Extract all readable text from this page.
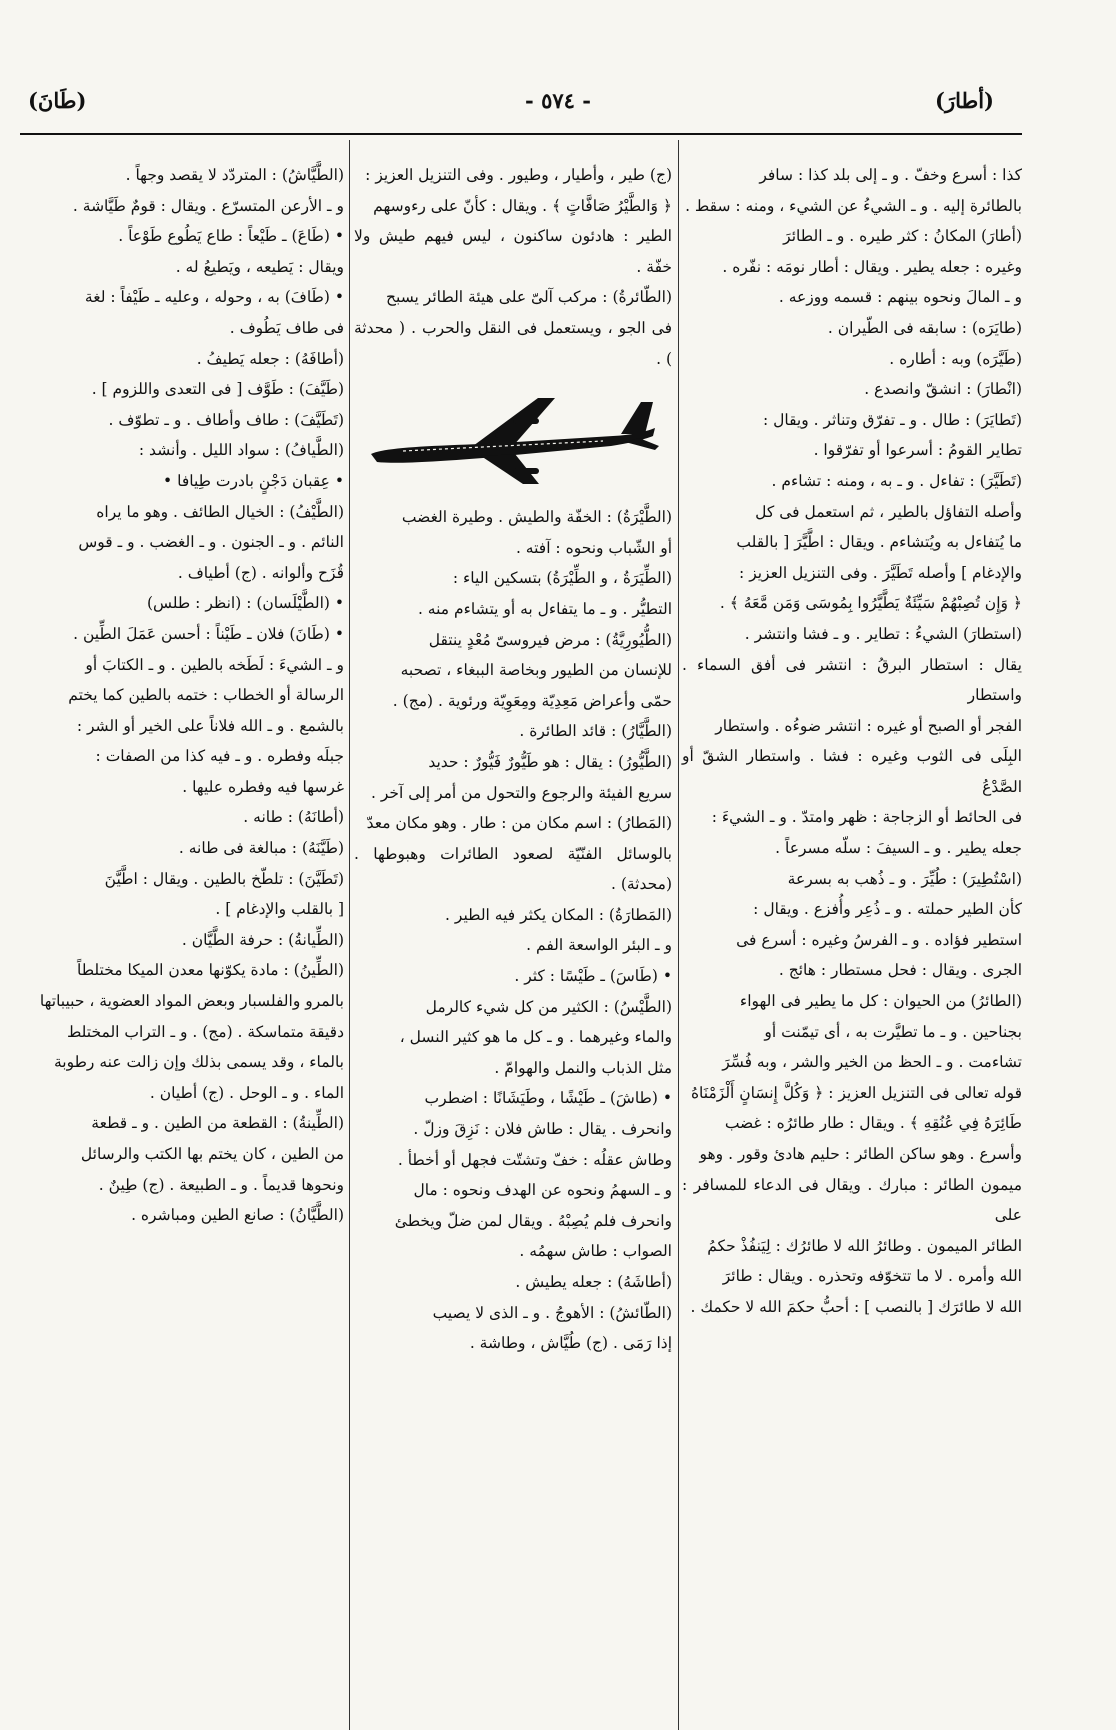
(أطارَ)
- ٥٧٤ -
(طَانَ)

كذا : أسرع وخفّ . و ـ إلى بلد كذا : سافر

بالطائرة إليه . و ـ الشيءُ عن الشيء ، ومنه : سقط .

(أطارَ) المكانُ : كثر طيره . و ـ الطائرَ

وغيره : جعله يطير . ويقال : أطار نومَه : نفّره .

و ـ المالَ ونحوه بينهم : قسمه ووزعه .

(طايَرَه) : سابقه فى الطّيران .

(طَيَّرَه) وبه : أطاره .

(انْطارَ) : انشقّ وانصدع .

(تَطايَرَ) : طال . و ـ تفرّق وتناثر . ويقال :

تطاير القومُ : أسرعوا أو تفرّقوا .

(تَطَيَّرَ) : تفاءل . و ـ به ، ومنه : تشاءم .

وأصله التفاؤل بالطير ، ثم استعمل فى كل

ما يُتفاءل به ويُتشاءم . ويقال : اطَّيَّرَ [ بالقلب

والإدغام ] وأصله تَطَيَّرَ . وفى التنزيل العزيز :

﴿ وَإِن تُصِبْهُمْ سَيِّئَةٌ يَطَّيَّرُوا بِمُوسَى وَمَن مَّعَهُ ﴾ .

(استطارَ) الشيءُ : تطاير . و ـ فشا وانتشر .

يقال : استطار البرقُ : انتشر فى أفق السماء . واستطار

الفجر أو الصبح أو غيره : انتشر ضوءُه . واستطار

البِلَى فى الثوب وغيره : فشا . واستطار الشقّ أو الصَّدْعُ

فى الحائط أو الزجاجة : ظهر وامتدّ . و ـ الشيءَ :

جعله يطير . و ـ السيفَ : سلّه مسرعاً .

(اسْتُطِيرَ) : طُيِّرَ . و ـ ذُهب به بسرعة

كأن الطير حملته . و ـ ذُعِر وأُفزع . ويقال :

استطير فؤاده . و ـ الفرسُ وغيره : أسرع فى

الجرى . ويقال : فحل مستطار : هائج .

(الطائرُ) من الحيوان : كل ما يطير فى الهواء

بجناحين . و ـ ما تطيَّرت به ، أى تيمّنت أو

تشاءمت . و ـ الحظ من الخير والشر ، وبه فُسِّرَ

قوله تعالى فى التنزيل العزيز : ﴿ وَكُلَّ إِنسَانٍ أَلْزَمْنَاهُ

طَائِرَهُ فِي عُنُقِهِ ﴾ . ويقال : طار طائرُه : غضب

وأسرع . وهو ساكن الطائر : حليم هادئ وقور . وهو

ميمون الطائر : مبارك . ويقال فى الدعاء للمسافر : على

الطائر الميمون . وطائرُ الله لا طائرُك : لِيَنفُذْ حكمُ

الله وأمره . لا ما تتخوّفه وتحذره . ويقال : طائرَ

الله لا طائرَك [ بالنصب ] : أحبُّ حكمَ الله لا حكمك .

(ج) طير ، وأطيار ، وطيور . وفى التنزيل العزيز :

﴿ وَالطَّيْرُ صَافَّاتٍ ﴾ . ويقال : كأنّ على رءوسهم

الطير : هادئون ساكنون ، ليس فيهم طيش ولا خفّة .

(الطّائرةُ) : مركب آلىّ على هيئة الطائر يسبح

فى الجو ، ويستعمل فى النقل والحرب . ( محدثة ) .

(الطَّيْرَةُ) : الخفّة والطيش . وطيرة الغضب

أو الشّباب ونحوه : آفته .

(الطِّيَرَةُ ، و الطِّيْرَةُ) بتسكين الياء :

التطيُّر . و ـ ما يتفاءل به أو يتشاءم منه .

(الطُّيُورِيَّةُ) : مرض فيروسىّ مُعْدٍ ينتقل

للإنسان من الطيور وبخاصة الببغاء ، تصحبه

حمّى وأعراض مَعِدِيّة ومِعَوِيّة ورئوية . (مج) .

(الطَّيَّارُ) : قائد الطائرة .

(الطَّيُّورُ) : يقال : هو طَيُّورٌ فَيُّورٌ : حديد

سريع الفيئة والرجوع والتحول من أمر إلى آخر .

(المَطارُ) : اسم مكان من : طار . وهو مكان معدّ

بالوسائل الفنّيّة لصعود الطائرات وهبوطها . (محدثة) .

(المَطارَةُ) : المكان يكثر فيه الطير .

و ـ البئر الواسعة الفم .

• (طَاسَ) ـ طَيْسًا : كثر .

(الطَّيْسُ) : الكثير من كل شيء كالرمل

والماء وغيرهما . و ـ كل ما هو كثير النسل ،

مثل الذباب والنمل والهوامّ .

• (طاشَ) ـ طَيْشًا ، وطَيَشَانًا : اضطرب

وانحرف . يقال : طاش فلان : نَزِقَ وزلّ .

وطاش عقلُه : خفّ وتشتّت فجهل أو أخطأ .

و ـ السهمُ ونحوه عن الهدف ونحوه : مال

وانحرف فلم يُصِبْهُ . ويقال لمن ضلّ ويخطئ

الصواب : طاش سهمُه .

(أطاشَهُ) : جعله يطيش .

(الطّائشُ) : الأهوجُ . و ـ الذى لا يصيب

إذا رَمَى . (ج) طُيَّاش ، وطاشة .

(الطَّيَّاشُ) : المتردّد لا يقصد وجهاً .

و ـ الأرعن المتسرّع . ويقال : قومٌ طَيَّاشة .

• (طَاعَ) ـ طَيْعاً : طاع يَطُوع طَوْعاً .

ويقال : يَطيعه ، ويَطيعُ له .

• (طَافَ) به ، وحوله ، وعليه ـ طَيْفاً : لغة

فى طاف يَطُوف .

(أطافَهُ) : جعله يَطيفُ .

(طَيَّفَ) : طَوَّف [ فى التعدى واللزوم ] .

(تَطَيَّفَ) : طاف وأطاف . و ـ تطوّف .

(الطَّيافُ) : سواد الليل . وأنشد :

• عِقبان دَجْنٍ بادرت طِيافا •

(الطَّيْفُ) : الخيال الطائف . وهو ما يراه

النائم . و ـ الجنون . و ـ الغضب . و ـ قوس

قُزَح وألوانه . (ج) أطياف .

• (الطَّيْلَسان) : (انظر : طلس)

• (طَانَ) فلان ـ طَيْناً : أحسن عَمَلَ الطِّين .

و ـ الشيءَ : لَطَخه بالطين . و ـ الكتابَ أو

الرسالة أو الخطاب : ختمه بالطين كما يختم

بالشمع . و ـ الله فلاناً على الخير أو الشر :

جبلَه وفطره . و ـ فيه كذا من الصفات :

غرسها فيه وفطره عليها .

(أطانَهُ) : طانه .

(طَيَّنَهُ) : مبالغة فى طانه .

(تَطَيَّنَ) : تلطّخ بالطين . ويقال : اطَّيَّنَ

[ بالقلب والإدغام ] .

(الطِّيانةُ) : حرفة الطَّيَّان .

(الطِّينُ) : مادة يكوّنها معدن الميكا مختلطاً

بالمرو والفلسبار وبعض المواد العضوية ، حبيباتها

دقيقة متماسكة . (مج) . و ـ التراب المختلط

بالماء ، وقد يسمى بذلك وإن زالت عنه رطوبة

الماء . و ـ الوحل . (ج) أطيان .

(الطِّينةُ) : القطعة من الطين . و ـ قطعة

من الطين ، كان يختم بها الكتب والرسائل

ونحوها قديماً . و ـ الطبيعة . (ج) طِينٌ .

(الطَّيَّانُ) : صانع الطين ومباشره .
